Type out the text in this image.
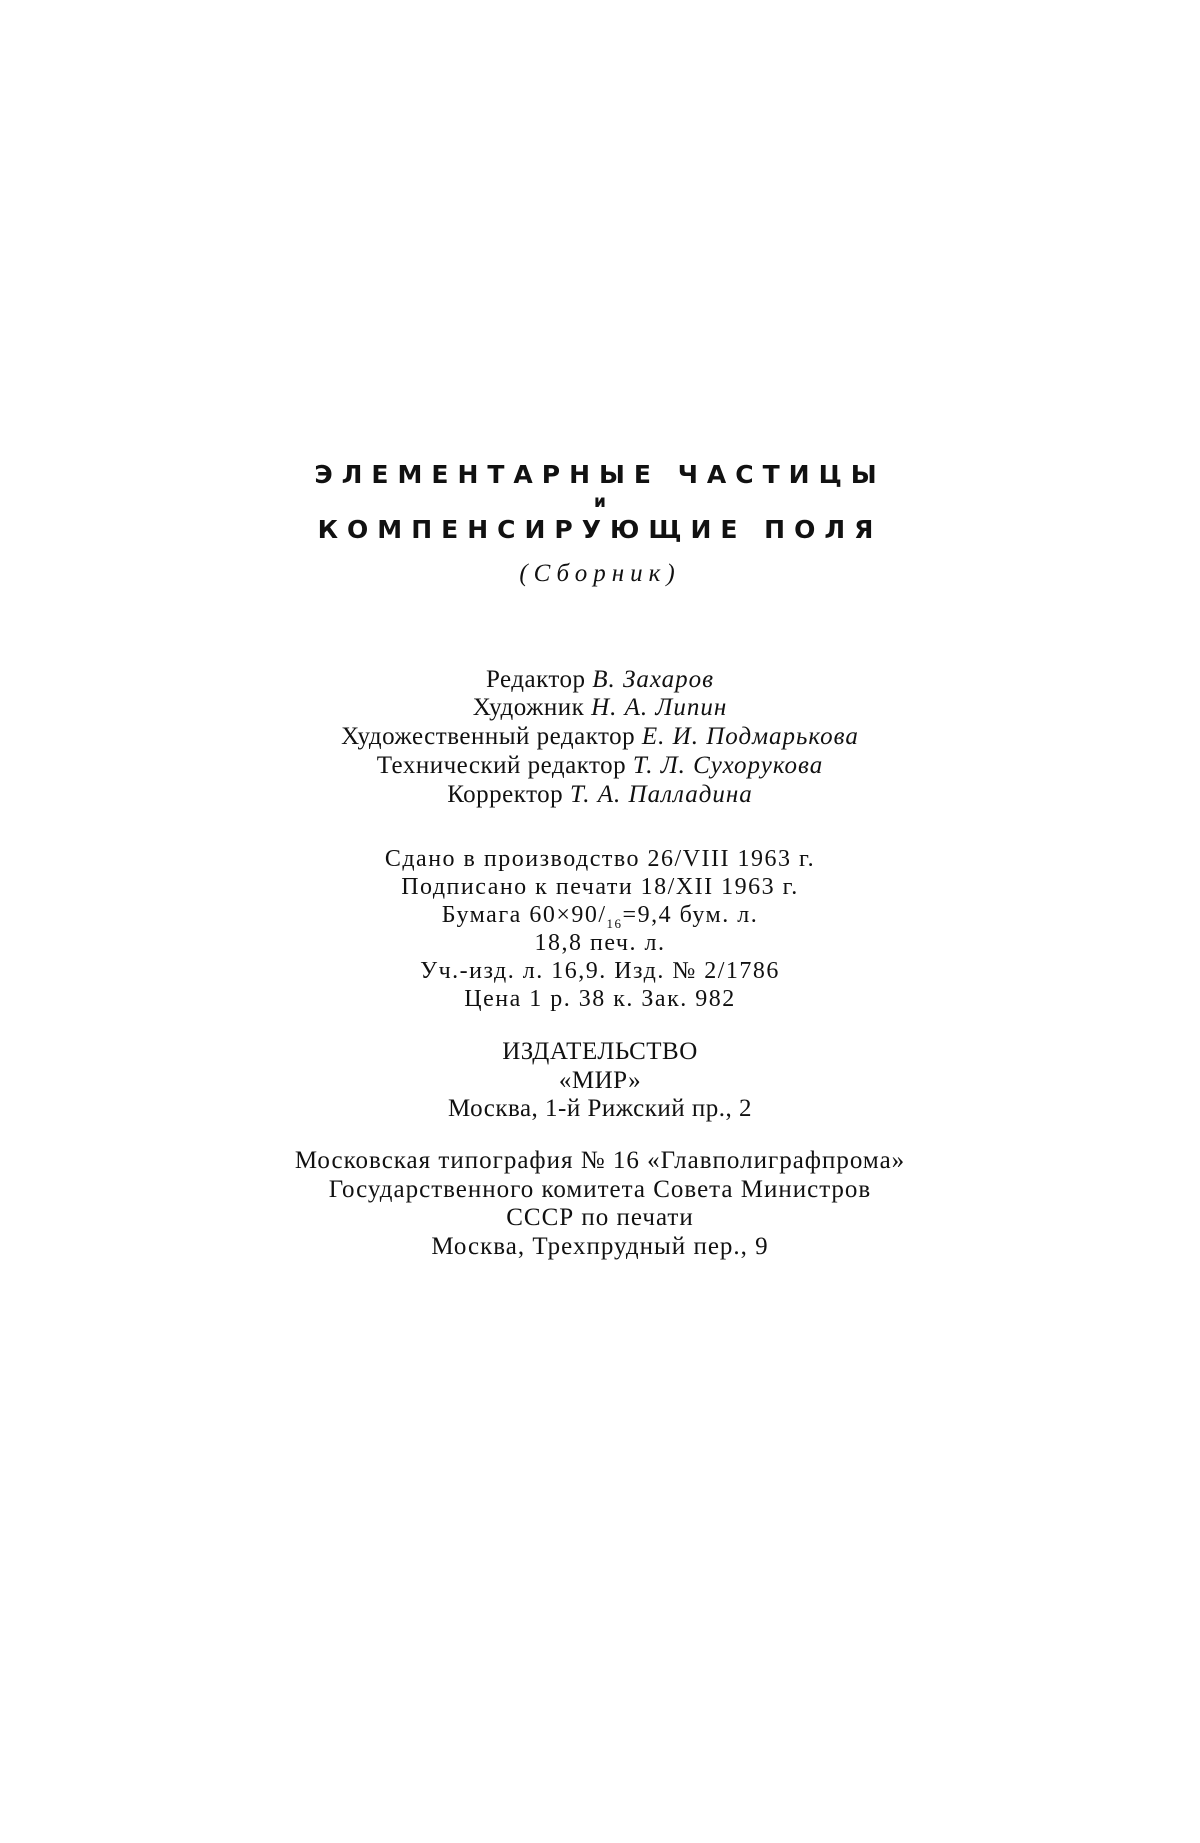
ЭЛЕМЕНТАРНЫЕ ЧАСТИЦЫ
и
КОМПЕНСИРУЮЩИЕ ПОЛЯ
(Сборник)
Редактор В. Захаров
Художник Н. А. Липин
Художественный редактор Е. И. Подмарькова
Технический редактор Т. Л. Сухорукова
Корректор Т. А. Палладина
Сдано в производство 26/VIII 1963 г.
Подписано к печати 18/XII 1963 г.
Бумага $60\times 90/_{16}=9,4$ бум. л.
18,8 печ. л.
Уч.-изд. л. 16,9. Изд. № 2/1786
Цена 1 р. 38 к. Зак. 982
ИЗДАТЕЛЬСТВО
«МИР»
Москва, 1-й Рижский пр., 2
Московская типография № 16 «Главполиграфпрома»
Государственного комитета Совета Министров
СССР по печати
Москва, Трехпрудный пер., 9
